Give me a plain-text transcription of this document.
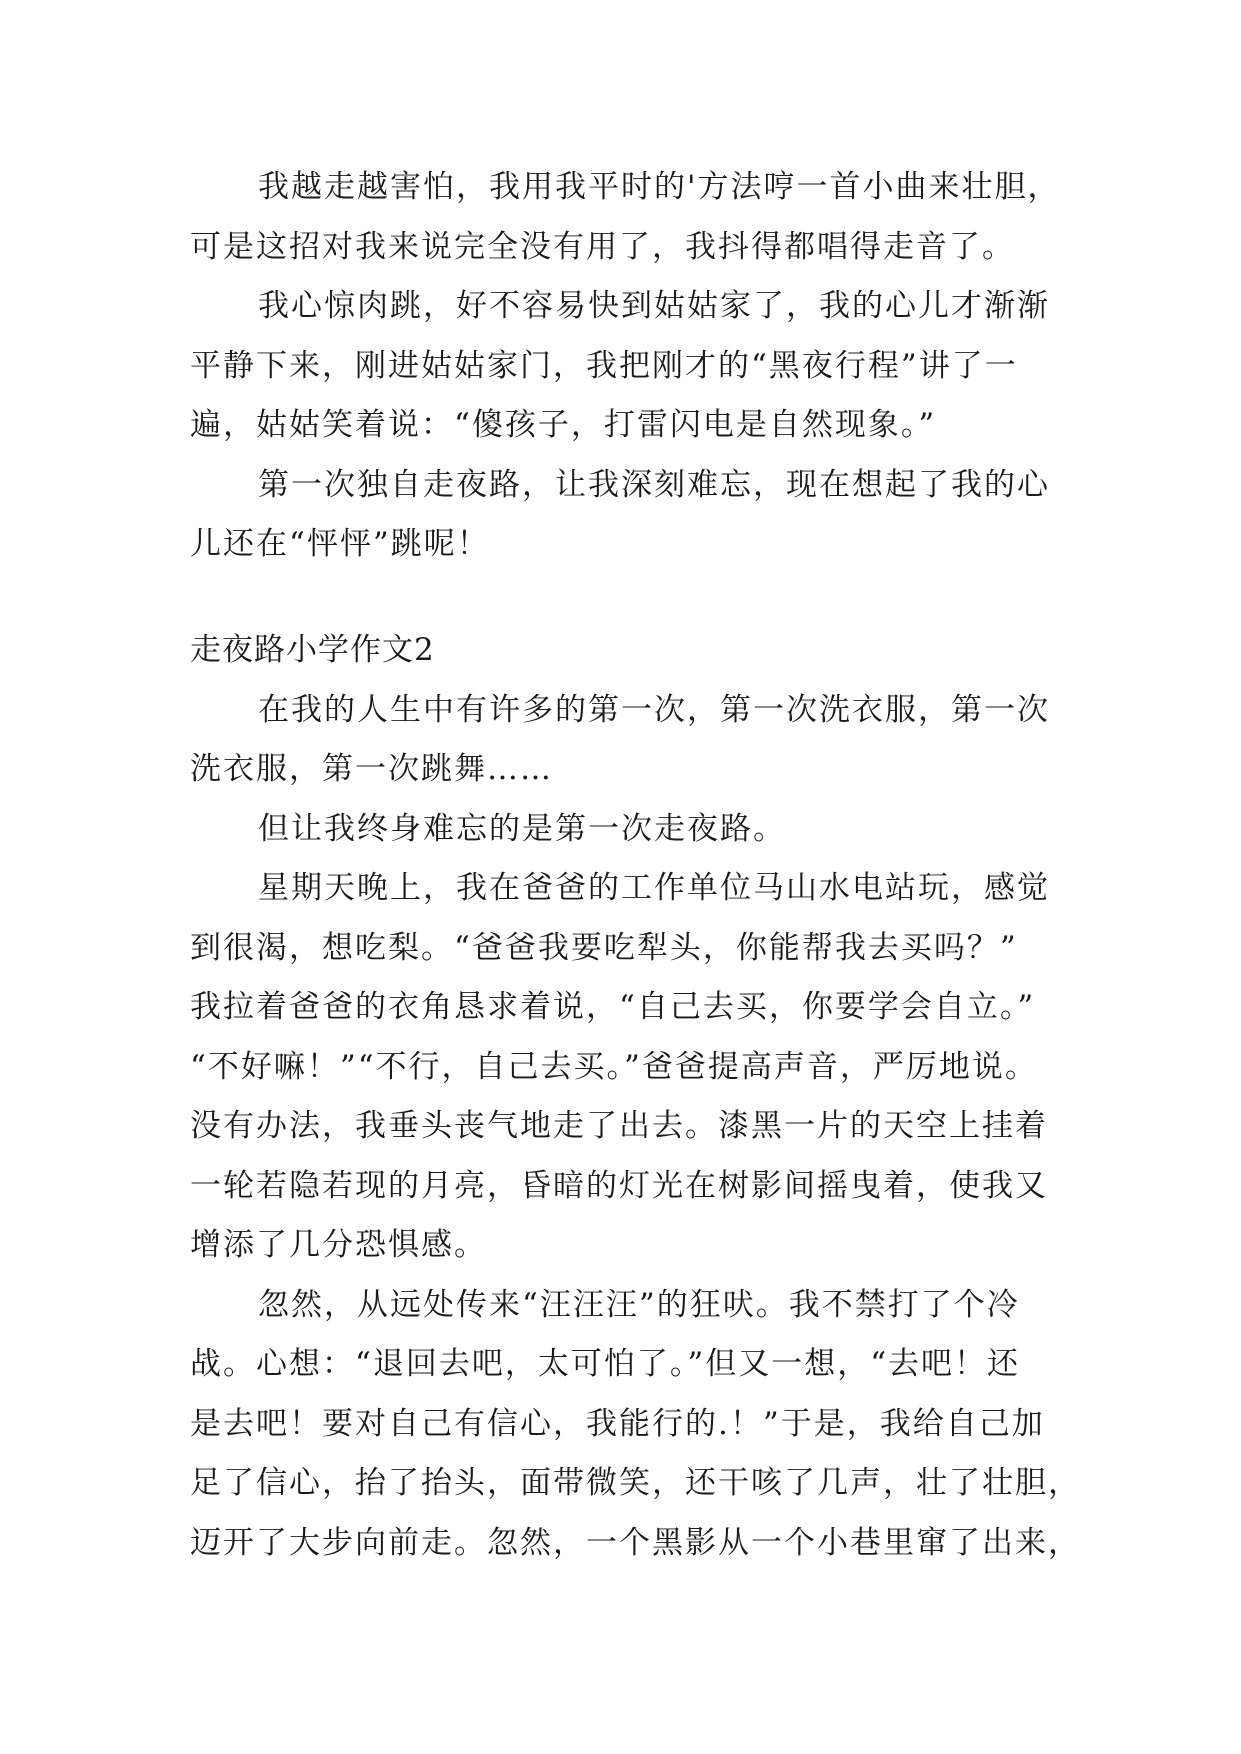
我越走越害怕，我用我平时的'方法哼一首小曲来壮胆，
可是这招对我来说完全没有用了，我抖得都唱得走音了。
我心惊肉跳，好不容易快到姑姑家了，我的心儿才渐渐
平静下来，刚进姑姑家门，我把刚才的“黑夜行程”讲了一
遍，姑姑笑着说：“傻孩子，打雷闪电是自然现象。”
第一次独自走夜路，让我深刻难忘，现在想起了我的心
儿还在“怦怦”跳呢！
走夜路小学作文2
在我的人生中有许多的第一次，第一次洗衣服，第一次
洗衣服，第一次跳舞……
但让我终身难忘的是第一次走夜路。
星期天晚上，我在爸爸的工作单位马山水电站玩，感觉
到很渴，想吃梨。“爸爸我要吃犁头，你能帮我去买吗？”
我拉着爸爸的衣角恳求着说，“自己去买，你要学会自立。”
“不好嘛！”“不行，自己去买。”爸爸提高声音，严厉地说。
没有办法，我垂头丧气地走了出去。漆黑一片的天空上挂着
一轮若隐若现的月亮，昏暗的灯光在树影间摇曳着，使我又
增添了几分恐惧感。
忽然，从远处传来“汪汪汪”的狂吠。我不禁打了个冷
战。心想：“退回去吧，太可怕了。”但又一想，“去吧！还
是去吧！要对自己有信心，我能行的.！”于是，我给自己加
足了信心，抬了抬头，面带微笑，还干咳了几声，壮了壮胆，
迈开了大步向前走。忽然，一个黑影从一个小巷里窜了出来，
